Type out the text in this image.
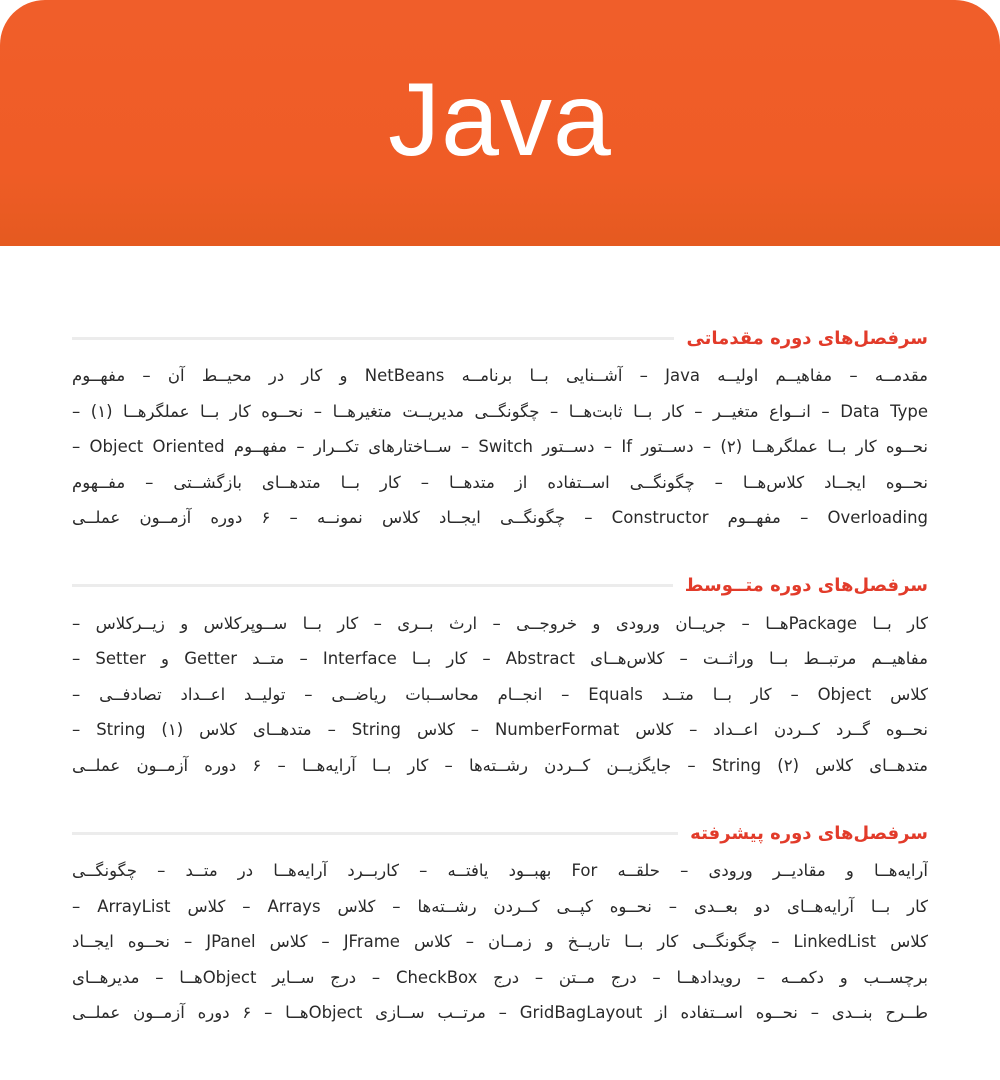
Java
سرفصل‌های دوره مقدماتی
مقدمــه – مفاهیــم اولیــه Java – آشــنایی بــا برنامــه NetBeans و کار در محیــط آن – مفهــوم
Data Type – انــواع متغیــر – کار بــا ثابت‌هــا – چگونگــی مدیریــت متغیرهــا – نحــوه کار بــا عملگرهــا (۱) –
نحــوه کار بــا عملگرهــا (۲) – دســتور If – دســتور Switch – ســاختارهای تکــرار – مفهــوم Object Oriented –
نحــوه ایجــاد کلاس‌هــا – چگونگــی اســتفاده از متدهــا – کار بــا متدهــای بازگشــتی – مفــهوم
Overloading – مفهــوم Constructor – چگونگــی ایجــاد کلاس نمونــه – ۶ دوره آزمــون عملــی
سرفصل‌های دوره متــوسط
کار بــا Packageهــا – جریــان ورودی و خروجــی – ارث بــری – کار بــا ســوپرکلاس و زیــرکلاس –
مفاهیــم مرتبــط بــا وراثــت – کلاس‌هــای Abstract – کار بــا Interface – متــد Getter و Setter –
کلاس Object – کار بــا متــد Equals – انجــام محاســبات ریاضــی – تولیــد اعــداد تصادفــی –
نحــوه گــرد کــردن اعــداد – کلاس NumberFormat – کلاس String – متدهــای کلاس String (۱) –
متدهــای کلاس String (۲) – جایگزیــن کــردن رشــته‌ها – کار بــا آرایه‌هــا – ۶ دوره آزمــون عملــی
سرفصل‌های دوره پیشرفته
آرایه‌هــا و مقادیــر ورودی – حلقــه For بهبــود یافتــه – کاربــرد آرایه‌هــا در متــد – چگونگــی
کار بــا آرایه‌هــای دو بعــدی – نحــوه کپــی کــردن رشــته‌ها – کلاس Arrays – کلاس ArrayList –
کلاس LinkedList – چگونگــی کار بــا تاریــخ و زمــان – کلاس JFrame – کلاس JPanel – نحــوه ایجــاد
برچســب و دکمــه – رویدادهــا – درج مــتن – درج CheckBox – درج ســایر Objectهــا – مدیرهــای
طــرح بنــدی – نحــوه اســتفاده از GridBagLayout – مرتــب ســازی Objectهــا – ۶ دوره آزمــون عملــی
